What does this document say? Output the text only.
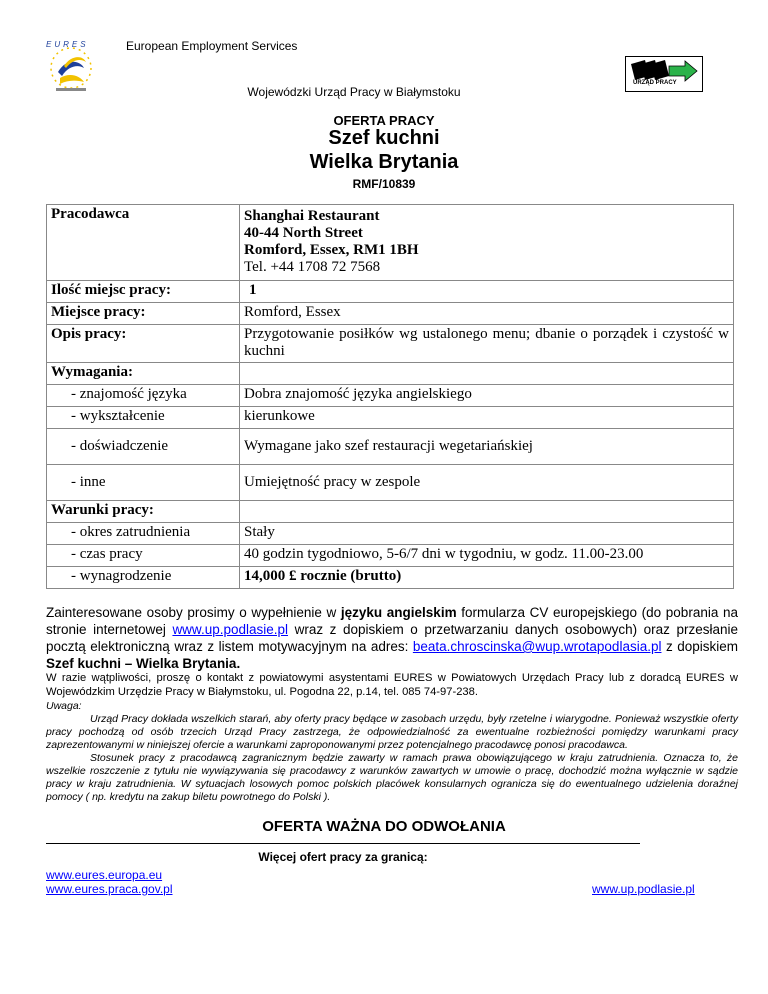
EURES	European Employment Services
Wojewódzki Urząd Pracy w Białymstoku
URZĄD PRACY
OFERTA PRACY
Szef kuchni
Wielka Brytania
RMF/10839
Pracodawca	Shanghai Restaurant
40-44 North Street
Romford, Essex, RM1 1BH
Tel. +44 1708 72 7568

Ilość miejsc pracy:	1
Miejsce pracy:	Romford, Essex
Opis pracy:	Przygotowanie posiłków wg ustalonego menu; dbanie o porządek i czystość w kuchni
Wymagania:	
- znajomość języka	Dobra znajomość języka angielskiego
- wykształcenie	kierunkowe
- doświadczenie	Wymagane jako szef restauracji wegetariańskiej
- inne	Umiejętność pracy w zespole
Warunki pracy:	
- okres zatrudnienia	Stały
- czas pracy	40 godzin tygodniowo, 5-6/7 dni w tygodniu, w godz. 11.00-23.00
- wynagrodzenie	14,000 £ rocznie (brutto)
Zainteresowane osoby prosimy o wypełnienie w języku angielskim formularza CV europejskiego (do pobrania na stronie internetowej www.up.podlasie.pl wraz z dopiskiem o przetwarzaniu danych osobowych) oraz przesłanie pocztą elektroniczną wraz z listem motywacyjnym na adres: beata.chroscinska@wup.wrotapodlasia.pl z dopiskiem Szef kuchni – Wielka Brytania.
W razie wątpliwości, proszę o kontakt z powiatowymi asystentami EURES w Powiatowych Urzędach Pracy lub z doradcą EURES w Wojewódzkim Urzędzie Pracy w Białymstoku, ul. Pogodna 22, p.14, tel. 085 74-97-238.
Uwaga:
Urząd Pracy dokłada wszelkich starań, aby oferty pracy będące w zasobach urzędu, były rzetelne i wiarygodne. Ponieważ wszystkie oferty pracy pochodzą od osób trzecich Urząd Pracy zastrzega, że odpowiedzialność za ewentualne rozbieżności pomiędzy warunkami pracy zaprezentowanymi w niniejszej ofercie a warunkami zaproponowanymi przez potencjalnego pracodawcę ponosi pracodawca.
Stosunek pracy z pracodawcą zagranicznym będzie zawarty w ramach prawa obowiązującego w kraju zatrudnienia. Oznacza to, że wszelkie roszczenie z tytułu nie wywiązywania się pracodawcy z warunków zawartych w umowie o pracę, dochodzić można wyłącznie w sądzie pracy w kraju zatrudnienia. W sytuacjach losowych pomoc polskich placówek konsularnych ogranicza się do ewentualnego udzielenia doraźnej pomocy ( np. kredytu na zakup biletu powrotnego do Polski ).
OFERTA WAŻNA DO ODWOŁANIA
Więcej ofert pracy za granicą:
www.eures.europa.eu
www.eures.praca.gov.pl	www.up.podlasie.pl
